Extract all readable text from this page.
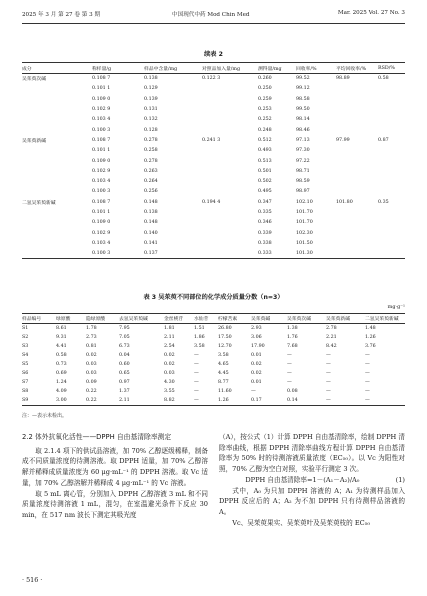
2025 年 3 月 第 27 卷 第 3 期	中国现代中药 Mod Chin Med	Mar. 2025 Vol. 27 No. 3
续表 2
成分	称样量/g	样品中含量/mg	对照品加入量/mg	测得量/mg	回收率/%	平均回收率/%	RSD/%
吴茱萸次碱	0.108 7	0.138	0.122 3	0.260	99.52	98.89	0.58
	0.101 1	0.129		0.250	99.12		
	0.109 0	0.139		0.259	98.58		
	0.102 9	0.131		0.253	99.50		
	0.103 4	0.132		0.252	98.14		
	0.100 3	0.128		0.248	98.46		
吴茱萸新碱	0.108 7	0.278	0.241 3	0.512	97.13	97.99	0.87
	0.101 1	0.258		0.493	97.30		
	0.109 0	0.278		0.513	97.22		
	0.102 9	0.263		0.501	98.71		
	0.103 4	0.264		0.502	98.59		
	0.100 3	0.256		0.495	98.97		
二氢吴茱萸新碱	0.108 7	0.148	0.194 4	0.347	102.10	101.80	0.35
	0.101 1	0.138		0.335	101.70		
	0.109 0	0.148		0.346	101.70		
	0.102 9	0.140		0.339	102.30		
	0.103 4	0.141		0.338	101.50		
	0.100 3	0.137		0.333	101.30		
表 3 吴茱萸不同部位的化学成分质量分数（n=3）
mg·g⁻¹
样品编号	绿原酸	隐绿原酸	去氢吴茱萸碱	金丝桃苷	水仙苷	柠檬苦素	吴茱萸碱	吴茱萸次碱	吴茱萸新碱	二氢吴茱萸新碱
S1	8.61	1.78	7.95	1.81	1.51	26.80	2.93	1.38	2.78	1.48
S2	9.31	2.73	7.05	2.11	1.86	17.50	3.06	1.76	2.21	1.26
S3	4.41	0.81	6.73	2.54	3.58	12.70	17.90	7.68	8.42	3.76
S4	0.58	0.02	0.04	0.02	—	3.58	0.01	—	—	—
S5	0.73	0.03	0.60	0.02	—	4.65	0.02	—	—	—
S6	0.69	0.03	0.65	0.03	—	4.45	0.02	—	—	—
S7	1.24	0.09	0.97	4.30	—	8.77	0.01	—	—	—
S8	4.09	0.22	1.37	3.55	—	11.60	—	0.08	—	—
S9	3.00	0.22	2.11	8.82	—	1.26	0.17	0.14	—	—
注：—表示未检出。

2.2 体外抗氧化活性——DPPH 自由基清除率测定

取 2.1.4 项下的供试品溶液，加 70% 乙醇逐级稀释，制备成不同质量浓度的待测溶液。取 DPPH 适量，加 70% 乙醇溶解并稀释成质量浓度为 60 μg·mL⁻¹ 的 DPPH 溶液。取 Vc 适量，加 70% 乙醇溶解并稀释成 4 μg·mL⁻¹ 的 Vc 溶液。

取 5 mL 离心管，分别加入 DPPH 乙醇溶液 3 mL 和不同质量浓度待测溶液 1 mL，混匀，在室温避光条件下反应 30 min，在 517 nm 波长下测定其吸光度

（A），按公式（1）计算 DPPH 自由基清除率，绘制 DPPH 清除率曲线，根据 DPPH 清除率曲线方程计算 DPPH 自由基清除率为 50% 时的待测溶液质量浓度（EC₅₀）。以 Vc 为阳性对照，70% 乙醇为空白对照，实验平行测定 3 次。

DPPH 自由基清除率=1－(A₁－A₂)/A₀	(1)

式中，A₀ 为只加 DPPH 溶液的 A；A₁ 为待测样品加入 DPPH 反应后的 A；A₂ 为不加 DPPH 只有待测样品溶液的 A。

Vc、吴茱萸果实、吴茱萸叶及吴茱萸枝的 EC₅₀

· 516 ·
